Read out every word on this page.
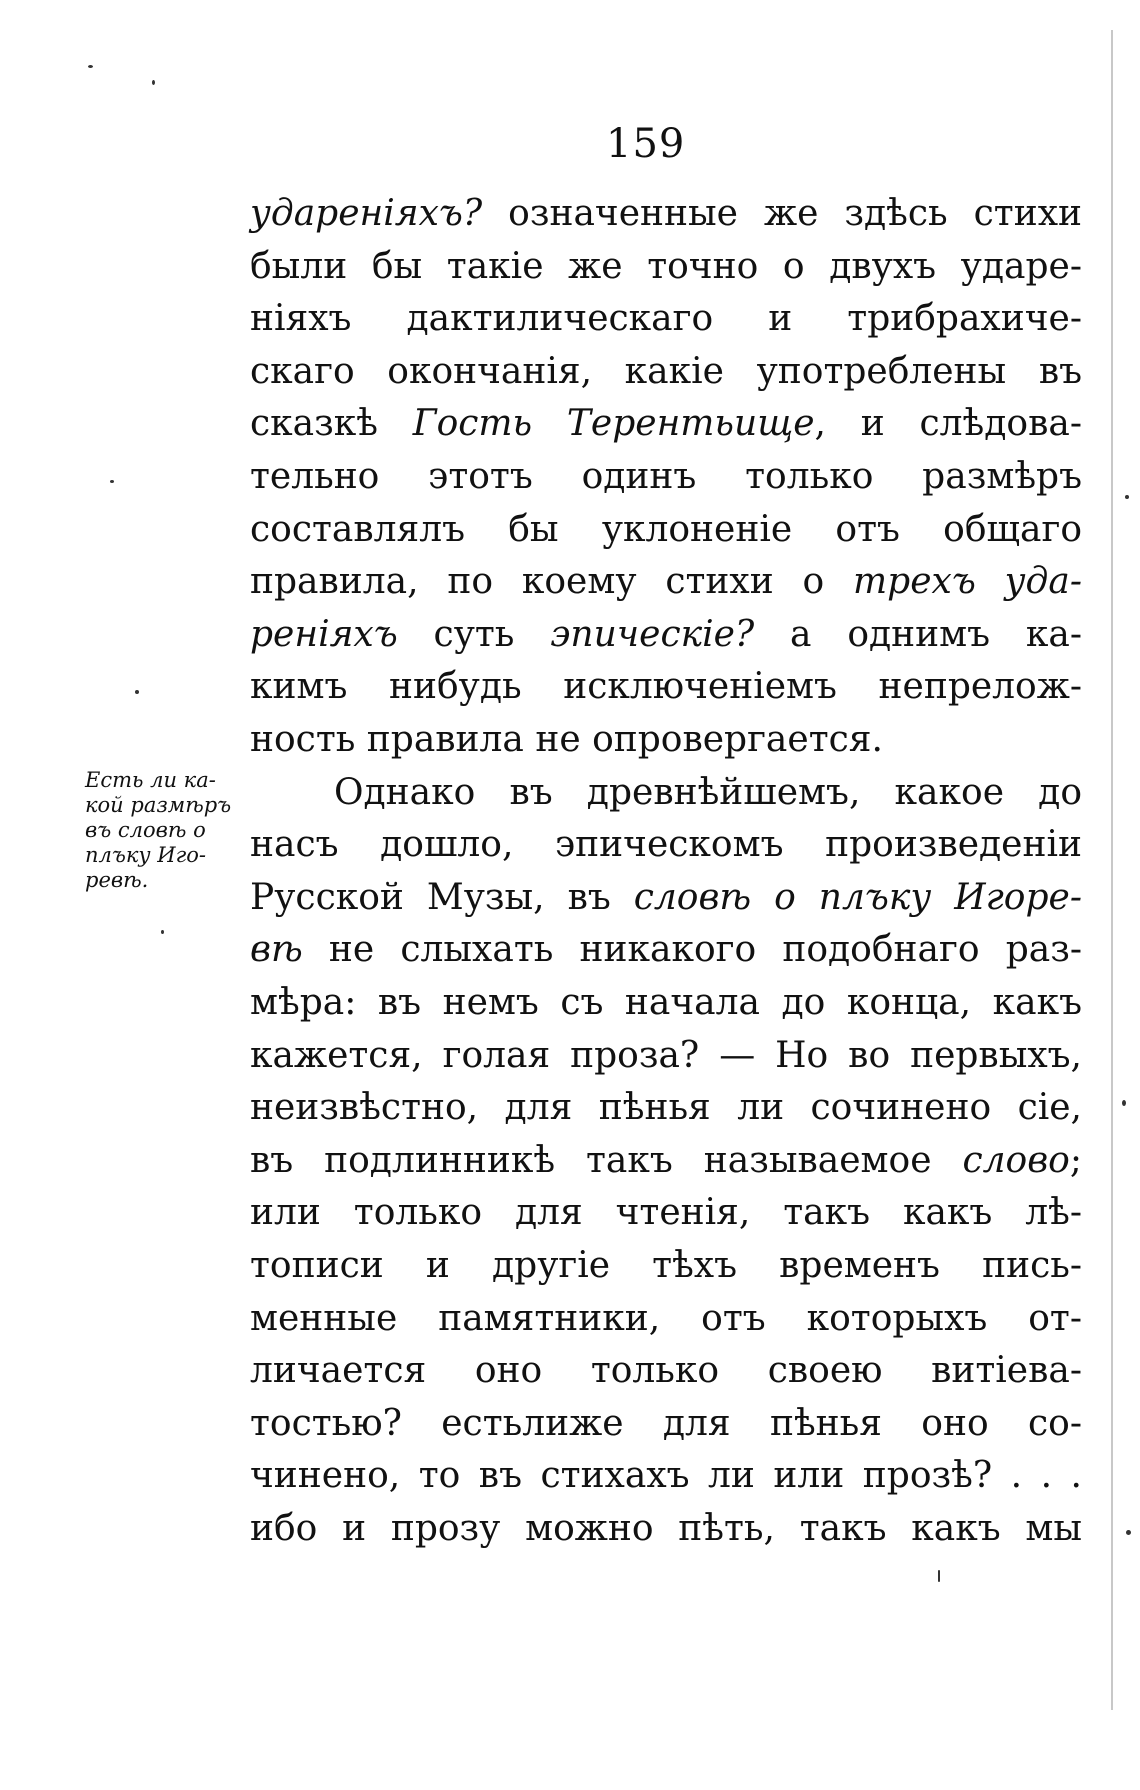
159
Есть ли ка-
кой размѣръ
въ словѣ о
плъку Иго-
ревѣ.
удареніяхъ? означенные же здѣсь стихи
были бы такіе же точно о двухъ ударе-
ніяхъ дактилическаго и трибрахиче-
скаго окончанія, какіе употреблены въ
сказкѣ Гость Терентьище, и слѣдова-
тельно этотъ одинъ только размѣръ
составлялъ бы уклоненіе отъ общаго
правила, по коему стихи о трехъ уда-
реніяхъ суть эпическіе? а однимъ ка-
кимъ нибудь исключеніемъ непрелож-
ность правила не опровергается.
Однако въ древнѣйшемъ, какое до
насъ дошло, эпическомъ произведеніи
Русской Музы, въ словѣ о плъку Игоре-
вѣ не слыхать никакого подобнаго раз-
мѣра: въ немъ съ начала до конца, какъ
кажется, голая проза? — Но во первыхъ,
неизвѣстно, для пѣнья ли сочинено сіе,
въ подлинникѣ такъ называемое слово;
или только для чтенія, такъ какъ лѣ-
тописи и другіе тѣхъ временъ пись-
менные памятники, отъ которыхъ от-
личается оно только своею витіева-
тостью? естьлиже для пѣнья оно со-
чинено, то въ стихахъ ли или прозѣ? . . .
ибо и прозу можно пѣть, такъ какъ мы
